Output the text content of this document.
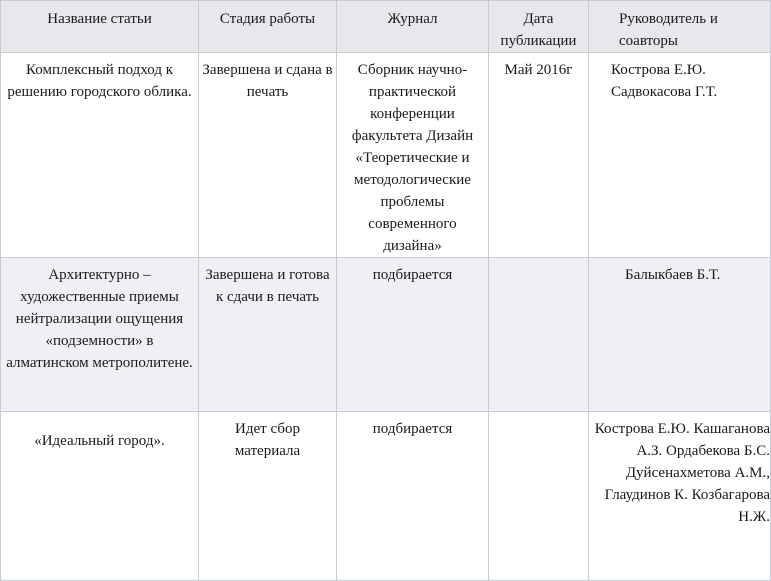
Название статьи	Стадия работы	Журнал	Дата публикации	Руководитель и соавторы
Комплексный подход к решению городского облика.	Завершена и сдана в печать	Сборник научно-практической конференции факультета Дизайн «Теоретические и методологические проблемы современного дизайна»	Май 2016г	Кострова Е.Ю. Садвокасова Г.Т.
Архитектурно – художественные приемы нейтрализации ощущения «подземности» в алматинском метрополитене.	Завершена и готова к сдачи в печать	подбирается		Балыкбаев Б.Т.
«Идеальный город».	Идет сбор материала	подбирается		Кострова Е.Ю. Кашаганова А.З. Ордабекова Б.С. Дуйсенахметова А.М., Глаудинов К. Козбагарова Н.Ж.
